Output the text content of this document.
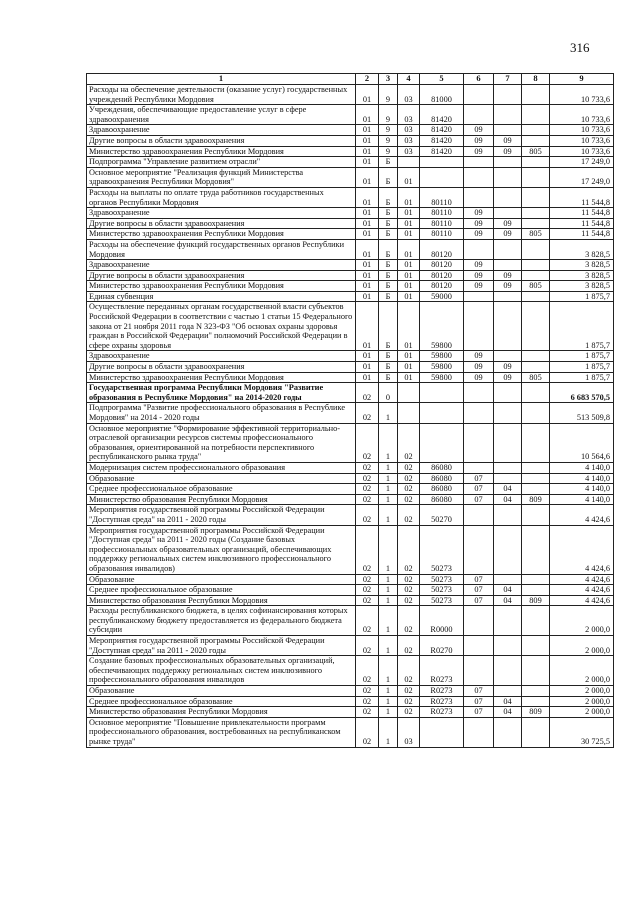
316
1	2	3	4	5	6	7	8	9
Расходы на обеспечение деятельности (оказание услуг) государственных учреждений Республики Мордовия	01	9	03	81000				10 733,6
Учреждения, обеспечивающие предоставление услуг в сфере здравоохранения	01	9	03	81420				10 733,6
Здравоохранение	01	9	03	81420	09			10 733,6
Другие вопросы в области здравоохранения	01	9	03	81420	09	09		10 733,6
Министерство здравоохранения Республики Мордовия	01	9	03	81420	09	09	805	10 733,6
Подпрограмма "Управление развитием отрасли"	01	Б						17 249,0
Основное мероприятие "Реализация функций Министерства здравоохранения Республики Мордовия"	01	Б	01					17 249,0
Расходы на выплаты по оплате труда работников государственных органов Республики Мордовия	01	Б	01	80110				11 544,8
Здравоохранение	01	Б	01	80110	09			11 544,8
Другие вопросы в области здравоохранения	01	Б	01	80110	09	09		11 544,8
Министерство здравоохранения Республики Мордовия	01	Б	01	80110	09	09	805	11 544,8
Расходы на обеспечение функций государственных органов Республики Мордовия	01	Б	01	80120				3 828,5
Здравоохранение	01	Б	01	80120	09			3 828,5
Другие вопросы в области здравоохранения	01	Б	01	80120	09	09		3 828,5
Министерство здравоохранения Республики Мордовия	01	Б	01	80120	09	09	805	3 828,5
Единая субвенция	01	Б	01	59000				1 875,7
Осуществление переданных органам государственной власти субъектов Российской Федерации в соответствии с частью 1 статьи 15 Федерального закона от 21 ноября 2011 года N 323-ФЗ "Об основах охраны здоровья граждан в Российской Федерации" полномочий Российской Федерации в сфере охраны здоровья	01	Б	01	59800				1 875,7
Здравоохранение	01	Б	01	59800	09			1 875,7
Другие вопросы в области здравоохранения	01	Б	01	59800	09	09		1 875,7
Министерство здравоохранения Республики Мордовия	01	Б	01	59800	09	09	805	1 875,7
Государственная программа Республики Мордовия "Развитие образования в Республике Мордовия" на 2014-2020 годы	02	0						6 683 570,5
Подпрограмма "Развитие профессионального образования в Республике Мордовия" на 2014 - 2020 годы	02	1						513 509,8
Основное мероприятие "Формирование эффективной территориально-отраслевой организации ресурсов системы профессионального образования, ориентированной на потребности перспективного республиканского рынка труда"	02	1	02					10 564,6
Модернизация систем профессионального образования	02	1	02	86080				4 140,0
Образование	02	1	02	86080	07			4 140,0
Среднее профессиональное образование	02	1	02	86080	07	04		4 140,0
Министерство образования Республики Мордовия	02	1	02	86080	07	04	809	4 140,0
Мероприятия государственной программы Российской Федерации "Доступная среда" на 2011 - 2020 годы	02	1	02	50270				4 424,6
Мероприятия государственной программы Российской Федерации "Доступная среда" на 2011 - 2020 годы (Создание базовых профессиональных образовательных организаций, обеспечивающих поддержку региональных систем инклюзивного профессионального образования инвалидов)	02	1	02	50273				4 424,6
Образование	02	1	02	50273	07			4 424,6
Среднее профессиональное образование	02	1	02	50273	07	04		4 424,6
Министерство образования Республики Мордовия	02	1	02	50273	07	04	809	4 424,6
Расходы республиканского бюджета, в целях софинансирования которых республиканскому бюджету предоставляется из федерального бюджета субсидии	02	1	02	R0000				2 000,0
Мероприятия государственной программы Российской Федерации "Доступная среда" на 2011 - 2020 годы	02	1	02	R0270				2 000,0
Создание базовых профессиональных образовательных организаций, обеспечивающих поддержку региональных систем инклюзивного профессионального образования инвалидов	02	1	02	R0273				2 000,0
Образование	02	1	02	R0273	07			2 000,0
Среднее профессиональное образование	02	1	02	R0273	07	04		2 000,0
Министерство образования Республики Мордовия	02	1	02	R0273	07	04	809	2 000,0
Основное мероприятие "Повышение привлекательности программ профессионального образования, востребованных на республиканском рынке труда"	02	1	03					30 725,5
